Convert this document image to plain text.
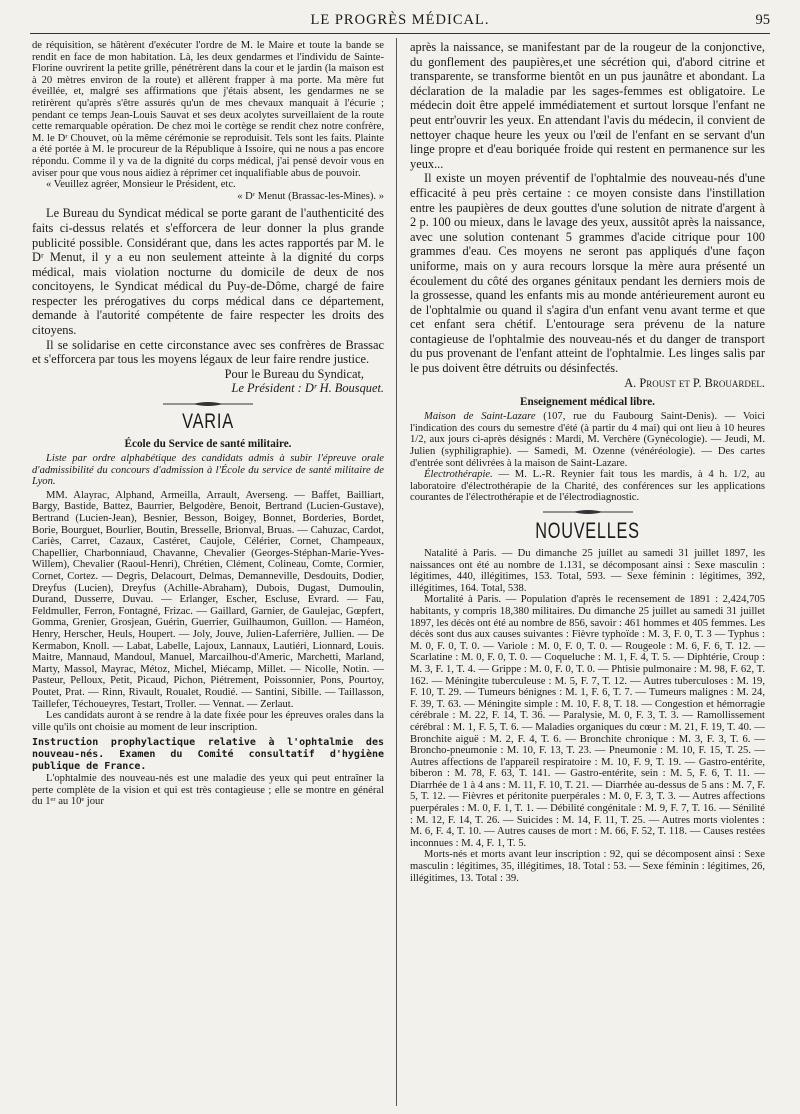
LE PROGRÈS MÉDICAL.	95

de réquisition, se hâtèrent d'exécuter l'ordre de M. le Maire et toute la bande se rendit en face de mon habitation. Là, les deux gendarmes et l'individu de Sainte-Florine ouvrirent la petite grille, pénétrèrent dans la cour et le jardin (la maison est à 20 mètres environ de la route) et allèrent frapper à ma porte. Ma mère fut éveillée, et, malgré ses affirmations que j'étais absent, les gendarmes ne se retirèrent qu'après s'être assurés qu'un de mes chevaux manquait à l'écurie ; pendant ce temps Jean-Louis Sauvat et ses deux acolytes surveillaient de la route cette remarquable opération. De chez moi le cortège se rendit chez notre confrère, M. le Dʳ Chouvet, où la même cérémonie se reproduisit. Tels sont les faits. Plainte a été portée à M. le procureur de la République à Issoire, qui ne nous a pas encore répondu. Comme il y va de la dignité du corps médical, j'ai pensé devoir vous en aviser pour que vous nous aidiez à réprimer cet inqualifiable abus de pouvoir.

« Veuillez agréer, Monsieur le Président, etc.

« Dʳ Menut (Brassac-les-Mines). »

Le Bureau du Syndicat médical se porte garant de l'authenticité des faits ci-dessus relatés et s'efforcera de leur donner la plus grande publicité possible. Considérant que, dans les actes rapportés par M. le Dʳ Menut, il y a eu non seulement atteinte à la dignité du corps médical, mais violation nocturne du domicile de deux de nos concitoyens, le Syndicat médical du Puy-de-Dôme, chargé de faire respecter les prérogatives du corps médical dans ce département, demande à l'autorité compétente de faire respecter les droits des citoyens.

Il se solidarise en cette circonstance avec ses confrères de Brassac et s'efforcera par tous les moyens légaux de leur faire rendre justice.

Pour le Bureau du Syndicat,

Le Président : Dʳ H. Bousquet.

VARIA

École du Service de santé militaire.

Liste par ordre alphabétique des candidats admis à subir l'épreuve orale d'admissibilité du concours d'admission à l'École du service de santé militaire de Lyon.

MM. Alayrac, Alphand, Armeilla, Arrault, Averseng. — Baffet, Bailliart, Bargy, Bastide, Battez, Baurrier, Belgodère, Benoit, Bertrand (Lucien-Gustave), Bertrand (Lucien-Jean), Besnier, Besson, Boigey, Bonnet, Borderies, Bordet, Borie, Bourguet, Bourlier, Boutin, Bresselle, Brionval, Bruas. — Cahuzac, Cardot, Cariès, Carret, Cazaux, Castéret, Caujole, Célérier, Cornet, Champeaux, Chapellier, Charbonniaud, Chavanne, Chevalier (Georges-Stéphan-Marie-Yves-Willem), Chevalier (Raoul-Henri), Chrétien, Clément, Colineau, Comte, Cormier, Cornet, Cortez. — Degris, Delacourt, Delmas, Demanneville, Desdouits, Dodier, Dreyfus (Lucien), Dreyfus (Achille-Abraham), Dubois, Dugast, Dumoulin, Durand, Dusserre, Duvau. — Erlanger, Escher, Escluse, Evrard. — Fau, Feldmuller, Ferron, Fontagné, Frizac. — Gaillard, Garnier, de Gaulejac, Gœpfert, Gomma, Grenier, Grosjean, Guérin, Guerrier, Guilhaumon, Guillon. — Haméon, Henry, Herscher, Heuls, Houpert. — Joly, Jouve, Julien-Laferrière, Jullien. — De Kermabon, Knoll. — Labat, Labelle, Lajoux, Lannaux, Lautiéri, Lionnard, Louis. Maitre, Mannaud, Mandoul, Manuel, Marcailhou-d'Americ, Marchetti, Marland, Marty, Massol, Mayrac, Métoz, Michel, Miécamp, Millet. — Nicolle, Notin. — Pasteur, Pelloux, Petit, Picaud, Pichon, Piétrement, Poissonnier, Pons, Pourtoy, Poutet, Prat. — Rinn, Rivault, Roualet, Roudié. — Santini, Sibille. — Taillasson, Taillefer, Téchoueyres, Testart, Troller. — Vennat. — Zerlaut.

Les candidats auront à se rendre à la date fixée pour les épreuves orales dans la ville qu'ils ont choisie au moment de leur inscription.

Instruction prophylactique relative à l'ophtalmie des nouveau-nés. Examen du Comité consultatif d'hygiène publique de France.

L'ophtalmie des nouveau-nés est une maladie des yeux qui peut entraîner la perte complète de la vision et qui est très contagieuse ; elle se montre en général du 1ᵉʳ au 10ᵉ jour

après la naissance, se manifestant par de la rougeur de la conjonctive, du gonflement des paupières,et une sécrétion qui, d'abord citrine et transparente, se transforme bientôt en un pus jaunâtre et abondant. La déclaration de la maladie par les sages-femmes est obligatoire. Le médecin doit être appelé immédiatement et surtout lorsque l'enfant ne peut entr'ouvrir les yeux. En attendant l'avis du médecin, il convient de nettoyer chaque heure les yeux ou l'œil de l'enfant en se servant d'un linge propre et d'eau boriquée froide qui restent en permanence sur les yeux...

Il existe un moyen préventif de l'ophtalmie des nouveau-nés d'une efficacité à peu près certaine : ce moyen consiste dans l'instillation entre les paupières de deux gouttes d'une solution de nitrate d'argent à 2 p. 100 ou mieux, dans le lavage des yeux, aussitôt après la naissance, avec une solution contenant 5 grammes d'acide citrique pour 100 grammes d'eau. Ces moyens ne seront pas appliqués d'une façon uniforme, mais on y aura recours lorsque la mère aura présenté un écoulement du côté des organes génitaux pendant les derniers mois de la grossesse, quand les enfants mis au monde antérieurement auront eu de l'ophtalmie ou quand il s'agira d'un enfant venu avant terme et que cet enfant sera chétif. L'entourage sera prévenu de la nature contagieuse de l'ophtalmie des nouveau-nés et du danger de transport du pus provenant de l'enfant atteint de l'ophtalmie. Les linges salis par le pus doivent être détruits ou désinfectés.

A. Proust et P. Brouardel.

Enseignement médical libre.

Maison de Saint-Lazare (107, rue du Faubourg Saint-Denis). — Voici l'indication des cours du semestre d'été (à partir du 4 mai) qui ont lieu à 10 heures 1/2, aux jours ci-après désignés : Mardi, M. Verchère (Gynécologie). — Jeudi, M. Julien (syphiligraphie). — Samedi, M. Ozenne (vénéréologie). — Des cartes d'entrée sont délivrées à la maison de Saint-Lazare.

Électrothérapie. — M. L.-R. Reynier fait tous les mardis, à 4 h. 1/2, au laboratoire d'électrothérapie de la Charité, des conférences sur les applications courantes de l'électrothérapie et de l'électrodiagnostic.

NOUVELLES

Natalité à Paris. — Du dimanche 25 juillet au samedi 31 juillet 1897, les naissances ont été au nombre de 1.131, se décomposant ainsi : Sexe masculin : légitimes, 440, illégitimes, 153. Total, 593. — Sexe féminin : légitimes, 392, illégitimes, 164. Total, 538.

Mortalité à Paris. — Population d'après le recensement de 1891 : 2,424,705 habitants, y compris 18,380 militaires. Du dimanche 25 juillet au samedi 31 juillet 1897, les décès ont été au nombre de 856, savoir : 461 hommes et 405 femmes. Les décès sont dus aux causes suivantes : Fièvre typhoïde : M. 3, F. 0, T. 3 — Typhus : M. 0, F. 0, T. 0. — Variole : M. 0, F. 0, T. 0. — Rougeole : M. 6, F. 6, T. 12. — Scarlatine : M. 0, F. 0, T. 0. — Coqueluche : M. 1, F. 4, T. 5. — Diphtérie, Croup : M. 3, F. 1, T. 4. — Grippe : M. 0, F. 0, T. 0. — Phtisie pulmonaire : M. 98, F. 62, T. 162. — Méningite tuberculeuse : M. 5, F. 7, T. 12. — Autres tuberculoses : M. 19, F. 10, T. 29. — Tumeurs bénignes : M. 1, F. 6, T. 7. — Tumeurs malignes : M. 24, F. 39, T. 63. — Méningite simple : M. 10, F. 8, T. 18. — Congestion et hémorragie cérébrale : M. 22, F. 14, T. 36. — Paralysie, M. 0, F. 3, T. 3. — Ramollissement cérébral : M. 1, F. 5, T. 6. — Maladies organiques du cœur : M. 21, F. 19, T. 40. — Bronchite aiguë : M. 2, F. 4, T. 6. — Bronchite chronique : M. 3, F. 3, T. 6. — Broncho-pneumonie : M. 10, F. 13, T. 23. — Pneumonie : M. 10, F. 15, T. 25. — Autres affections de l'appareil respiratoire : M. 10, F. 9, T. 19. — Gastro-entérite, biberon : M. 78, F. 63, T. 141. — Gastro-entérite, sein : M. 5, F. 6, T. 11. — Diarrhée de 1 à 4 ans : M. 11, F. 10, T. 21. — Diarrhée au-dessus de 5 ans : M. 7, F. 5, T. 12. — Fièvres et péritonite puerpérales : M. 0, F. 3, T. 3. — Autres affections puerpérales : M. 0, F. 1, T. 1. — Débilité congénitale : M. 9, F. 7, T. 16. — Sénilité : M. 12, F. 14, T. 26. — Suicides : M. 14, F. 11, T. 25. — Autres morts violentes : M. 6, F. 4, T. 10. — Autres causes de mort : M. 66, F. 52, T. 118. — Causes restées inconnues : M. 4, F. 1, T. 5.

Morts-nés et morts avant leur inscription : 92, qui se décomposent ainsi : Sexe masculin : légitimes, 35, illégitimes, 18. Total : 53. — Sexe féminin : légitimes, 26, illégitimes, 13. Total : 39.
